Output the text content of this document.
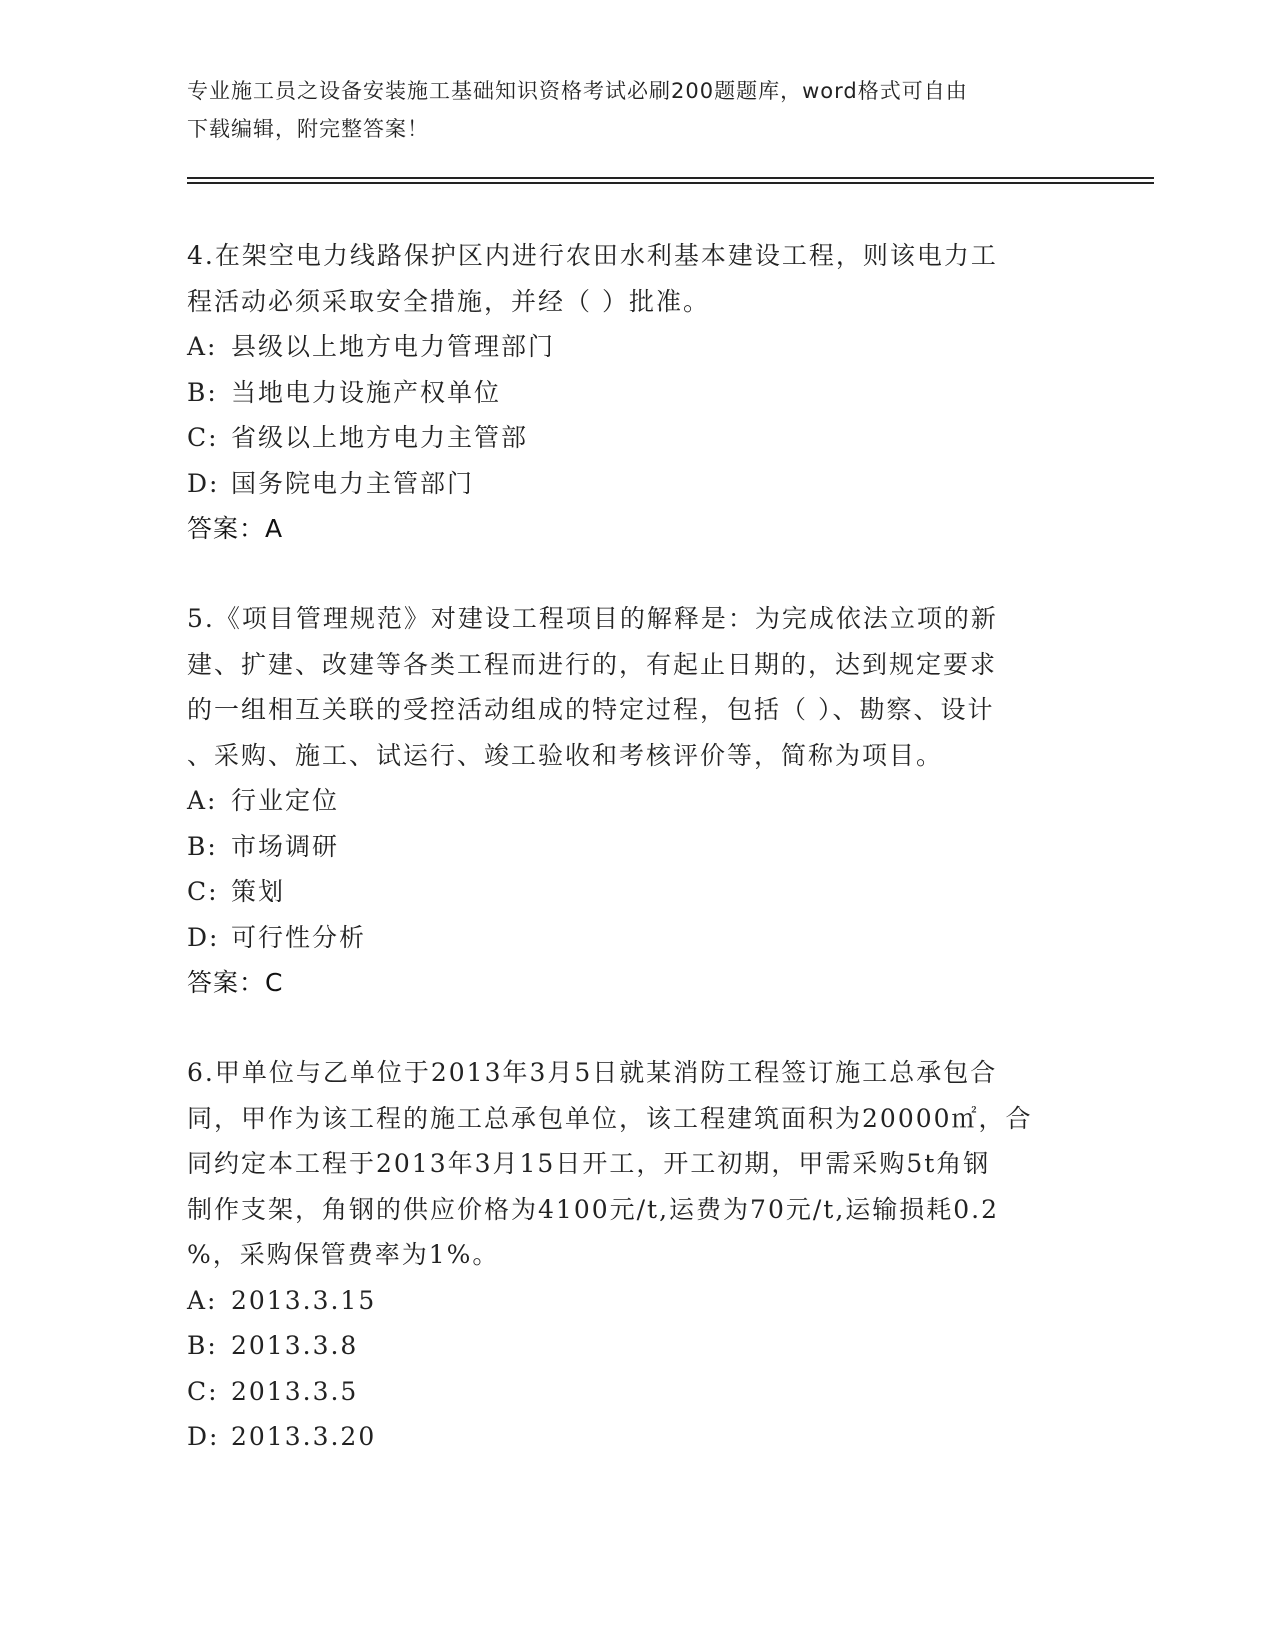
专业施工员之设备安装施工基础知识资格考试必刷200题题库，word格式可自由
下载编辑，附完整答案！

4.在架空电力线路保护区内进行农田水利基本建设工程，则该电力工

程活动必须采取安全措施，并经（ ）批准。

A: 县级以上地方电力管理部门

B: 当地电力设施产权单位

C: 省级以上地方电力主管部

D: 国务院电力主管部门

答案：A

5.《项目管理规范》对建设工程项目的解释是：为完成依法立项的新

建、扩建、改建等各类工程而进行的，有起止日期的，达到规定要求

的一组相互关联的受控活动组成的特定过程，包括（ ）、勘察、设计

、采购、施工、试运行、竣工验收和考核评价等，简称为项目。

A: 行业定位

B: 市场调研

C: 策划

D: 可行性分析

答案：C

6.甲单位与乙单位于2013年3月5日就某消防工程签订施工总承包合

同，甲作为该工程的施工总承包单位，该工程建筑面积为20000㎡，合

同约定本工程于2013年3月15日开工，开工初期，甲需采购5t角钢

制作支架，角钢的供应价格为4100元/t,运费为70元/t,运输损耗0.2

%，采购保管费率为1%。

A: 2013.3.15

B: 2013.3.8

C: 2013.3.5

D: 2013.3.20
